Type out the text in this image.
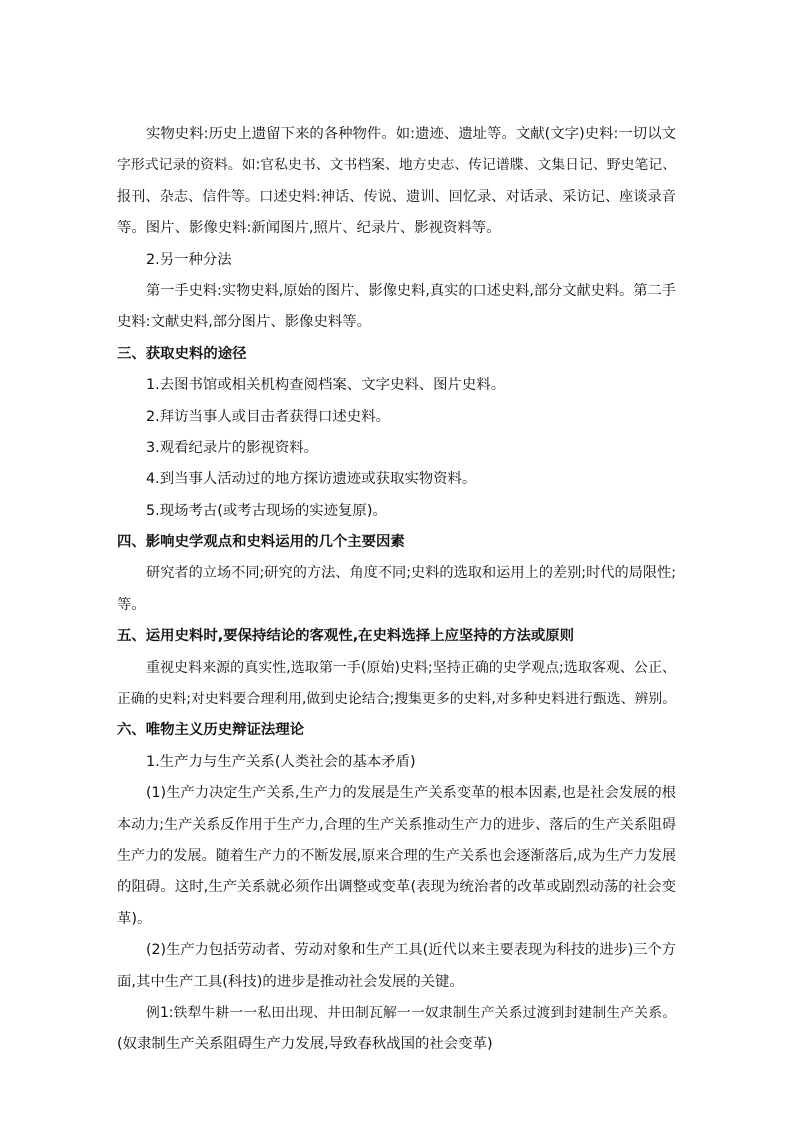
实物史料:历史上遗留下来的各种物件。如:遗迹、遗址等。文献(文字)史料:一切以文

字形式记录的资料。如:官私史书、文书档案、地方史志、传记谱牒、文集日记、野史笔记、

报刊、杂志、信件等。口述史料:神话、传说、遗训、回忆录、对话录、采访记、座谈录音

等。图片、影像史料:新闻图片,照片、纪录片、影视资料等。

2.另一种分法

第一手史料:实物史料,原始的图片、影像史料,真实的口述史料,部分文献史料。第二手

史料:文献史料,部分图片、影像史料等。

三、获取史料的途径

1.去图书馆或相关机构查阅档案、文字史料、图片史料。

2.拜访当事人或目击者获得口述史料。

3.观看纪录片的影视资料。

4.到当事人活动过的地方探访遗迹或获取实物资料。

5.现场考古(或考古现场的实迹复原)。

四、影响史学观点和史料运用的几个主要因素

研究者的立场不同;研究的方法、角度不同;史料的选取和运用上的差别;时代的局限性;

等。

五、运用史料时,要保持结论的客观性,在史料选择上应坚持的方法或原则

重视史料来源的真实性,选取第一手(原始)史料;坚持正确的史学观点;选取客观、公正、

正确的史料;对史料要合理利用,做到史论结合;搜集更多的史料,对多种史料进行甄选、辨别。

六、唯物主义历史辩证法理论

1.生产力与生产关系(人类社会的基本矛盾)

(1)生产力决定生产关系,生产力的发展是生产关系变革的根本因素,也是社会发展的根

本动力;生产关系反作用于生产力,合理的生产关系推动生产力的进步、落后的生产关系阻碍

生产力的发展。随着生产力的不断发展,原来合理的生产关系也会逐渐落后,成为生产力发展

的阻碍。这时,生产关系就必须作出调整或变革(表现为统治者的改革或剧烈动荡的社会变

革)。

(2)生产力包括劳动者、劳动对象和生产工具(近代以来主要表现为科技的进步)三个方

面,其中生产工具(科技)的进步是推动社会发展的关键。

例1:铁犁牛耕一一私田出现、井田制瓦解一一奴隶制生产关系过渡到封建制生产关系。

(奴隶制生产关系阻碍生产力发展,导致春秋战国的社会变革)
